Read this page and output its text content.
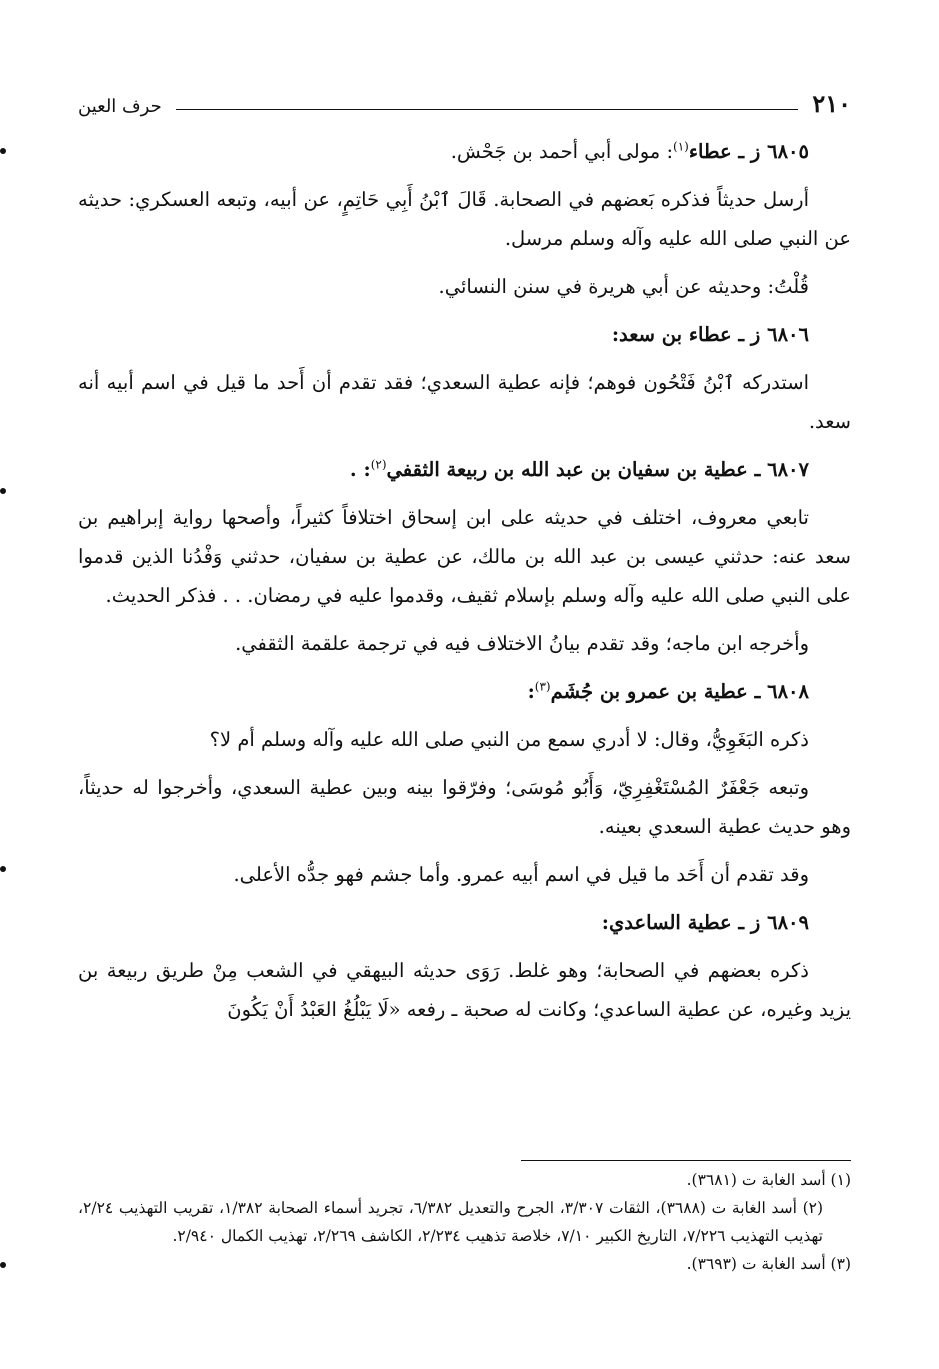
٢١٠
حرف العين

٦٨٠٥ ز ـ عطاء$^{(١)}$: مولى أبي أحمد بن جَحْش.

أرسل حديثاً فذكره بَعضهم في الصحابة. قَالَ ٱبْنُ أَبِي حَاتِمٍ، عن أبيه، وتبعه العسكري: حديثه عن النبي صلى الله عليه وآله وسلم مرسل.

قُلْتُ: وحديثه عن أبي هريرة في سنن النسائي.

٦٨٠٦ ز ـ عطاء بن سعد:

استدركه ٱبْنُ فَتْحُون فوهم؛ فإنه عطية السعدي؛ فقد تقدم أن أَحد ما قيل في اسم أبيه أنه سعد.

٦٨٠٧ ـ عطية بن سفيان بن عبد الله بن ربيعة الثقفي$^{(٢)}$: .

تابعي معروف، اختلف في حديثه على ابن إسحاق اختلافاً كثيراً، وأصحها رواية إبراهيم بن سعد عنه: حدثني عيسى بن عبد الله بن مالك، عن عطية بن سفيان، حدثني وَفْدُنا الذين قدموا على النبي صلى الله عليه وآله وسلم بإسلام ثقيف، وقدموا عليه في رمضان. . . فذكر الحديث.

وأخرجه ابن ماجه؛ وقد تقدم بيانُ الاختلاف فيه في ترجمة علقمة الثقفي.

٦٨٠٨ ـ عطية بن عمرو بن جُشَم$^{(٣)}$:

ذكره البَغَوِيُّ، وقال: لا أدري سمع من النبي صلى الله عليه وآله وسلم أم لا؟

وتبعه جَعْفَرٌ المُسْتَغْفِرِيّ، وَأَبُو مُوسَى؛ وفرّقوا بينه وبين عطية السعدي، وأخرجوا له حديثاً، وهو حديث عطية السعدي بعينه.

وقد تقدم أن أَحَد ما قيل في اسم أبيه عمرو. وأما جشم فهو جدُّه الأعلى.

٦٨٠٩ ز ـ عطية الساعدي:

ذكره بعضهم في الصحابة؛ وهو غلط. رَوَى حديثه البيهقي في الشعب مِنْ طريق ربيعة بن يزيد وغيره، عن عطية الساعدي؛ وكانت له صحبة ـ رفعه «لَا يَبْلُغُ العَبْدُ أَنْ يَكُونَ

(١) أسد الغابة ت (٣٦٨١).

(٢) أسد الغابة ت (٣٦٨٨)، الثقات ٣/٣٠٧، الجرح والتعديل ٦/٣٨٢، تجريد أسماء الصحابة ١/٣٨٢، تقريب التهذيب ٢/٢٤، تهذيب التهذيب ٧/٢٢٦، التاريخ الكبير ٧/١٠، خلاصة تذهيب ٢/٢٣٤، الكاشف ٢/٢٦٩، تهذيب الكمال ٢/٩٤٠.

(٣) أسد الغابة ت (٣٦٩٣).
